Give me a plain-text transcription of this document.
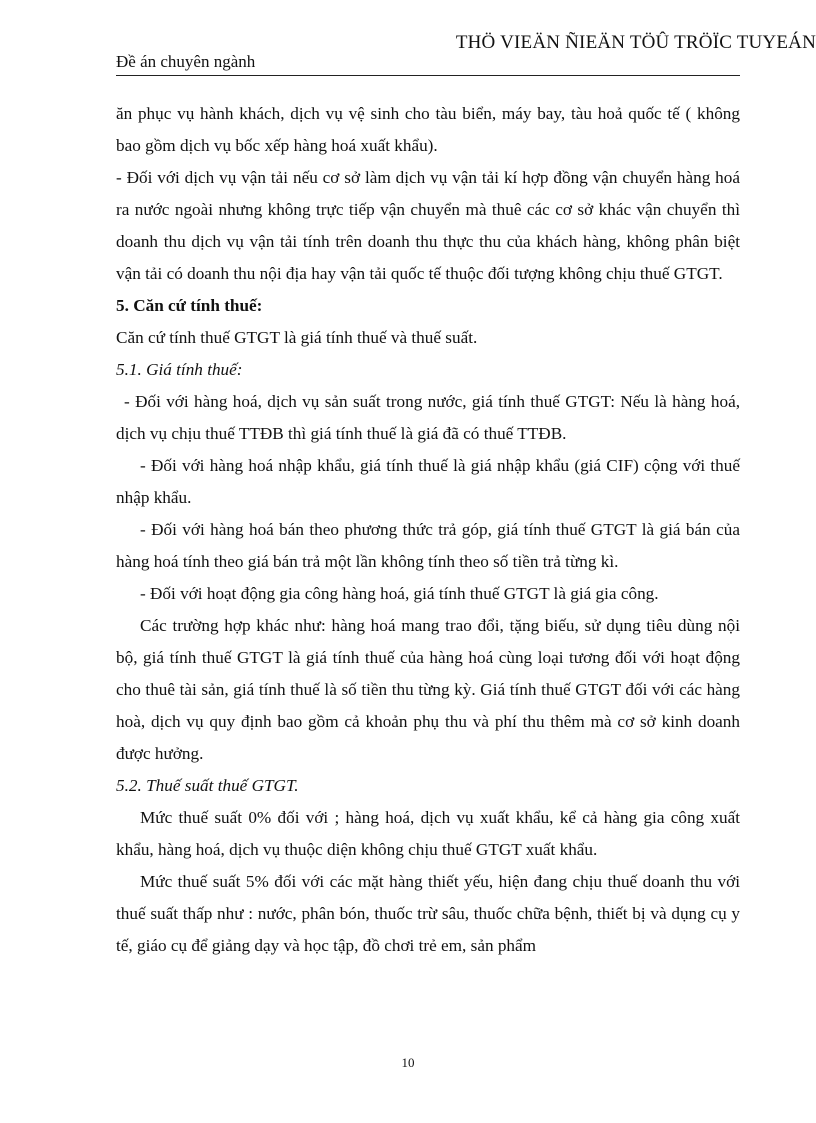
THÖ VIEÄN ÑIEÄN TÖÛ TRÖÏC TUYEÁN
Đề án chuyên ngành

ăn phục vụ hành khách, dịch vụ vệ sinh cho tàu biển, máy bay, tàu hoả quốc tế ( không bao gồm dịch vụ bốc xếp hàng hoá xuất khẩu).

- Đối với dịch vụ vận tải nếu cơ sở làm dịch vụ vận tải kí hợp đồng vận chuyển hàng hoá ra nước ngoài nhưng không trực tiếp vận chuyển mà thuê các cơ sở khác vận chuyển thì doanh thu dịch vụ vận tải tính trên doanh thu thực thu của khách hàng, không phân biệt vận tải có doanh thu nội địa hay vận tải quốc tế thuộc đối tượng không chịu thuế GTGT.

5. Căn cứ tính thuế:

Căn cứ tính thuế GTGT là giá tính thuế và thuế suất.

5.1. Giá tính thuế:

- Đối với hàng hoá, dịch vụ sản suất trong nước, giá tính thuế GTGT: Nếu là hàng hoá, dịch vụ chịu thuế TTĐB thì giá tính thuế là giá đã có thuế TTĐB.

- Đối với hàng hoá nhập khẩu, giá tính thuế là giá nhập khẩu (giá CIF) cộng với thuế nhập khẩu.

- Đối với hàng hoá bán theo phương thức trả góp, giá tính thuế GTGT là giá bán của hàng hoá tính theo giá bán trả một lần không tính theo số tiền trả từng kì.

- Đối với hoạt động gia công hàng hoá, giá tính thuế GTGT là giá gia công.

Các trường hợp khác như: hàng hoá mang trao đổi, tặng biếu, sử dụng tiêu dùng nội bộ, giá tính thuế GTGT là giá tính thuế của hàng hoá cùng loại tương đối với hoạt động cho thuê tài sản, giá tính thuế là số tiền thu từng kỳ. Giá tính thuế GTGT đối với các hàng hoà, dịch vụ quy định bao gồm cả khoản phụ thu và phí thu thêm mà cơ sở kinh doanh được hưởng.

5.2. Thuế suất thuế GTGT.

Mức thuế suất 0% đối với ; hàng hoá, dịch vụ xuất khẩu, kể cả hàng gia công xuất khẩu, hàng hoá, dịch vụ thuộc diện không chịu thuế GTGT xuất khẩu.

Mức thuế suất 5% đối với các mặt hàng thiết yếu, hiện đang chịu thuế doanh thu với thuế suất thấp như : nước, phân bón, thuốc trừ sâu, thuốc chữa bệnh, thiết bị và dụng cụ y tế, giáo cụ để giảng dạy và học tập, đồ chơi trẻ em, sản phẩm

10
